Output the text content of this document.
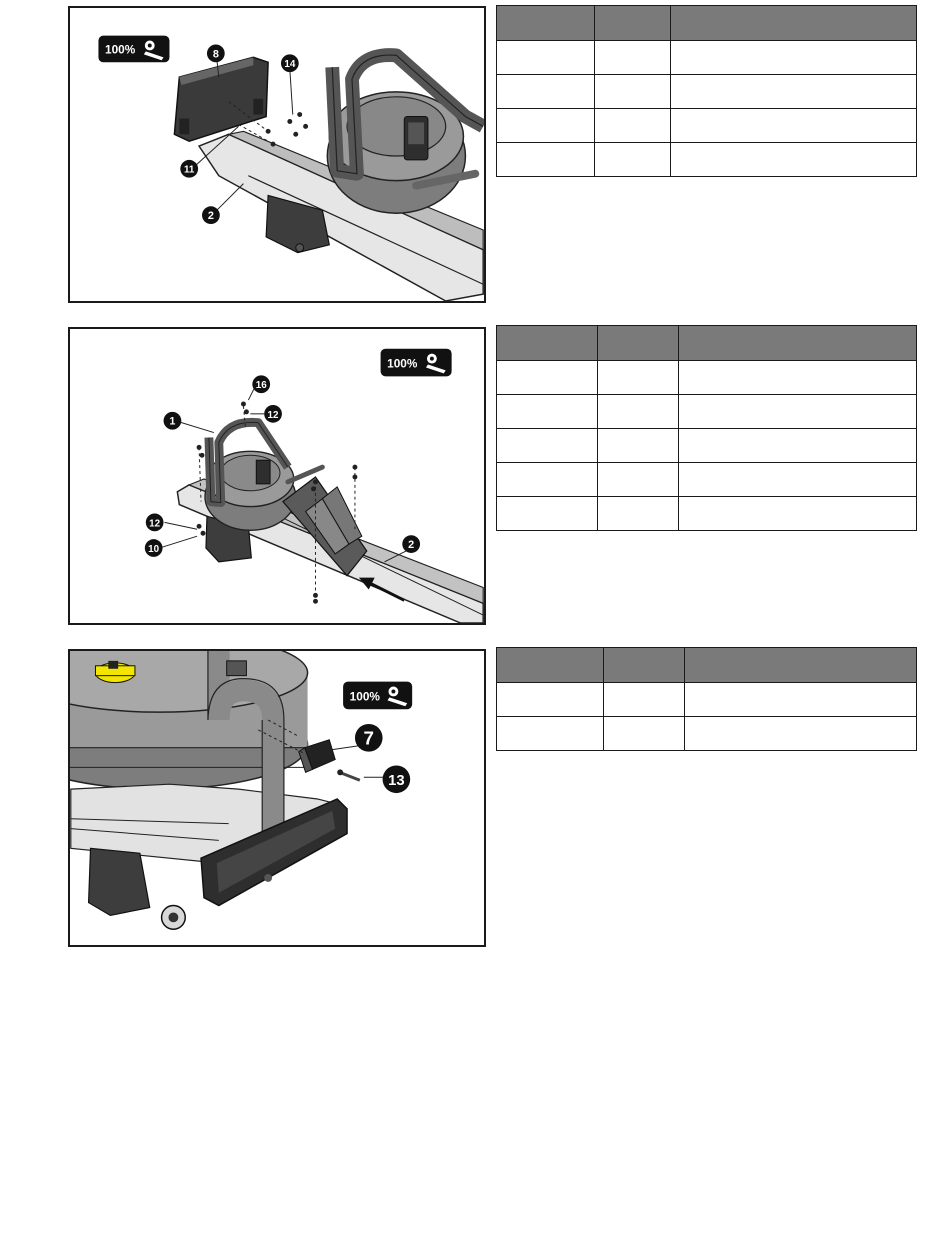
8
14
11
2
100%

16
12
1
12
10	2
100%

7
13
100%
